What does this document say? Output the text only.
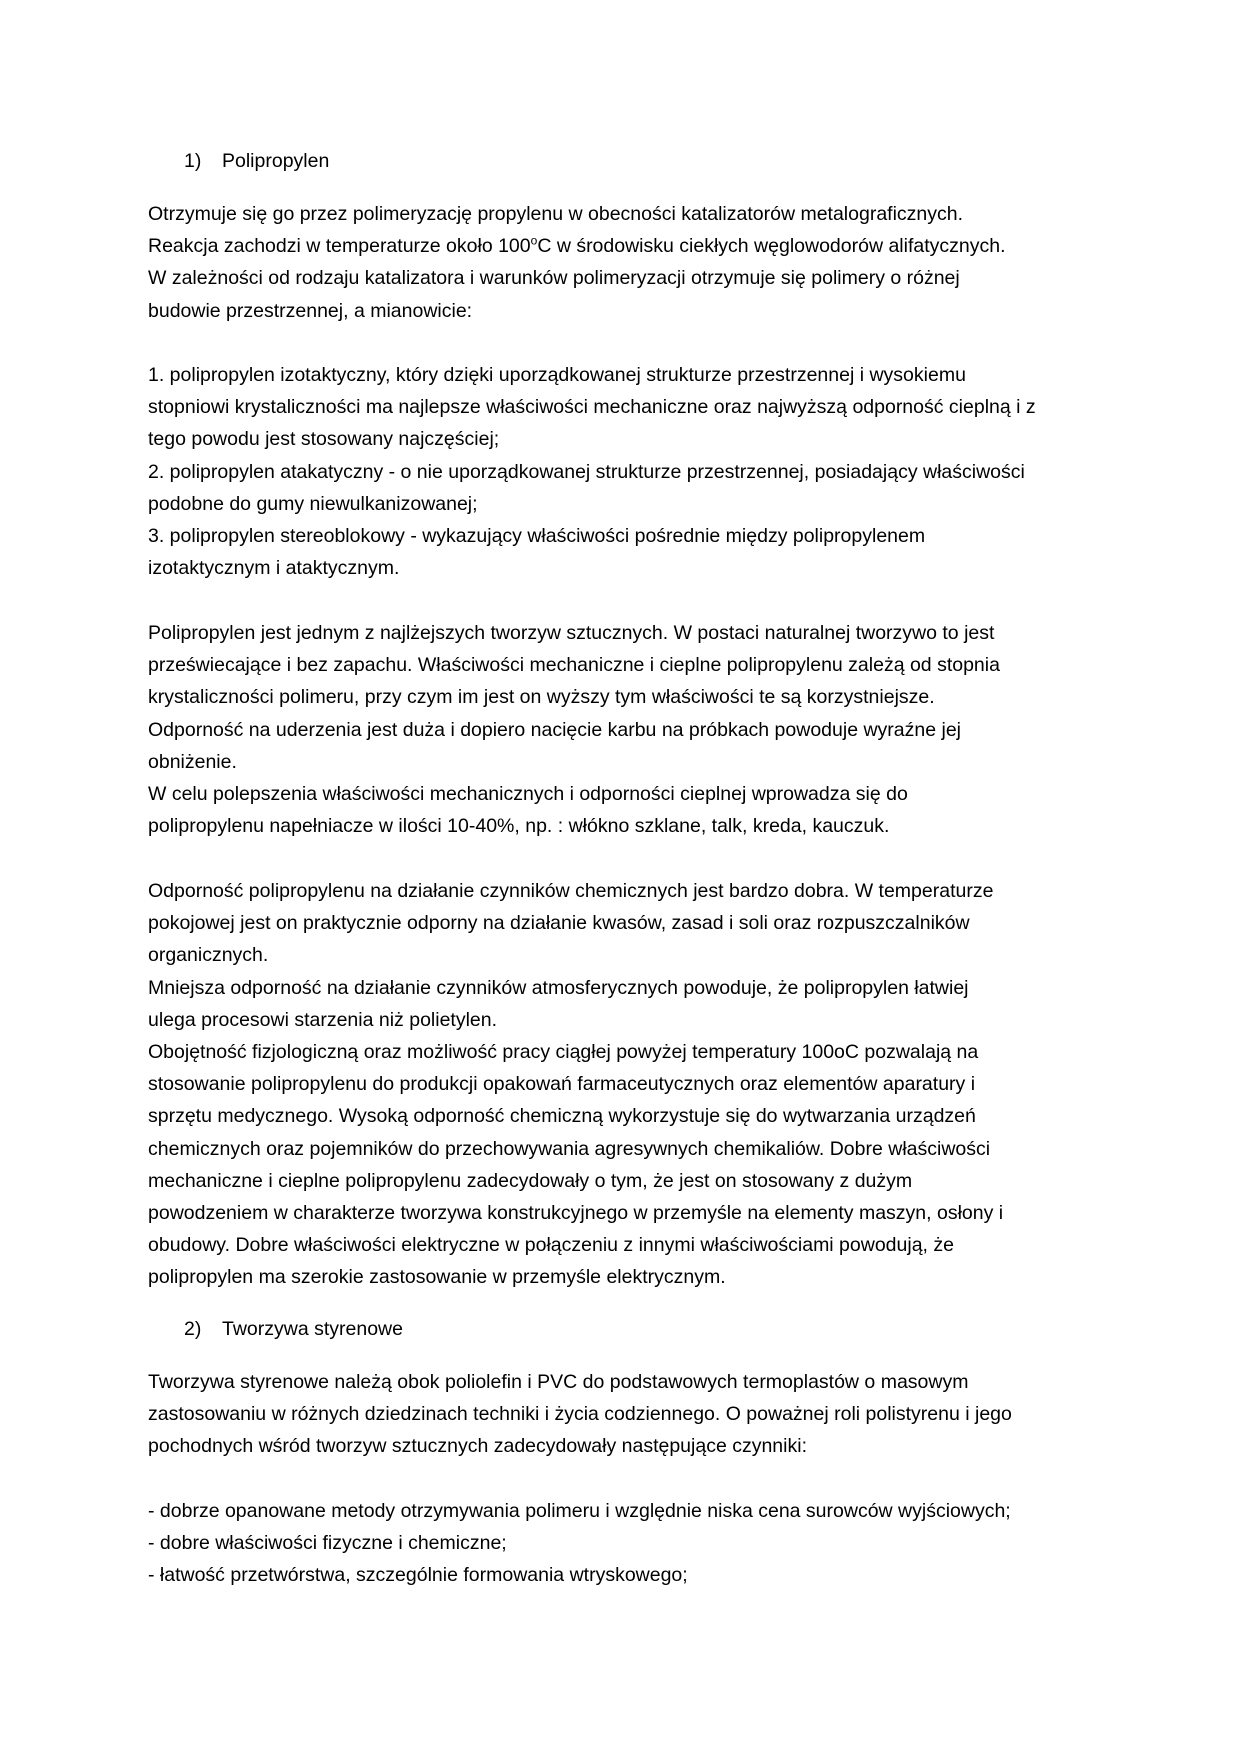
1) Polipropylen
Otrzymuje się go przez polimeryzację propylenu w obecności katalizatorów metalograficznych.
Reakcja zachodzi w temperaturze około 100$^o$C w środowisku ciekłych węglowodorów alifatycznych.
W zależności od rodzaju katalizatora i warunków polimeryzacji otrzymuje się polimery o różnej
budowie przestrzennej, a mianowicie:
1. polipropylen izotaktyczny, który dzięki uporządkowanej strukturze przestrzennej i wysokiemu
stopniowi krystaliczności ma najlepsze właściwości mechaniczne oraz najwyższą odporność cieplną i z
tego powodu jest stosowany najczęściej;
2. polipropylen atakatyczny - o nie uporządkowanej strukturze przestrzennej, posiadający właściwości
podobne do gumy niewulkanizowanej;
3. polipropylen stereoblokowy - wykazujący właściwości pośrednie między polipropylenem
izotaktycznym i ataktycznym.
Polipropylen jest jednym z najlżejszych tworzyw sztucznych. W postaci naturalnej tworzywo to jest
przeświecające i bez zapachu. Właściwości mechaniczne i cieplne polipropylenu zależą od stopnia
krystaliczności polimeru, przy czym im jest on wyższy tym właściwości te są korzystniejsze.
Odporność na uderzenia jest duża i dopiero nacięcie karbu na próbkach powoduje wyraźne jej
obniżenie.
W celu polepszenia właściwości mechanicznych i odporności cieplnej wprowadza się do
polipropylenu napełniacze w ilości 10-40%, np. : włókno szklane, talk, kreda, kauczuk.
Odporność polipropylenu na działanie czynników chemicznych jest bardzo dobra. W temperaturze
pokojowej jest on praktycznie odporny na działanie kwasów, zasad i soli oraz rozpuszczalników
organicznych.
Mniejsza odporność na działanie czynników atmosferycznych powoduje, że polipropylen łatwiej
ulega procesowi starzenia niż polietylen.
Obojętność fizjologiczną oraz możliwość pracy ciągłej powyżej temperatury 100oC pozwalają na
stosowanie polipropylenu do produkcji opakowań farmaceutycznych oraz elementów aparatury i
sprzętu medycznego. Wysoką odporność chemiczną wykorzystuje się do wytwarzania urządzeń
chemicznych oraz pojemników do przechowywania agresywnych chemikaliów. Dobre właściwości
mechaniczne i cieplne polipropylenu zadecydowały o tym, że jest on stosowany z dużym
powodzeniem w charakterze tworzywa konstrukcyjnego w przemyśle na elementy maszyn, osłony i
obudowy. Dobre właściwości elektryczne w połączeniu z innymi właściwościami powodują, że
polipropylen ma szerokie zastosowanie w przemyśle elektrycznym.
2) Tworzywa styrenowe
Tworzywa styrenowe należą obok poliolefin i PVC do podstawowych termoplastów o masowym
zastosowaniu w różnych dziedzinach techniki i życia codziennego. O poważnej roli polistyrenu i jego
pochodnych wśród tworzyw sztucznych zadecydowały następujące czynniki:
- dobrze opanowane metody otrzymywania polimeru i względnie niska cena surowców wyjściowych;
- dobre właściwości fizyczne i chemiczne;
- łatwość przetwórstwa, szczególnie formowania wtryskowego;
